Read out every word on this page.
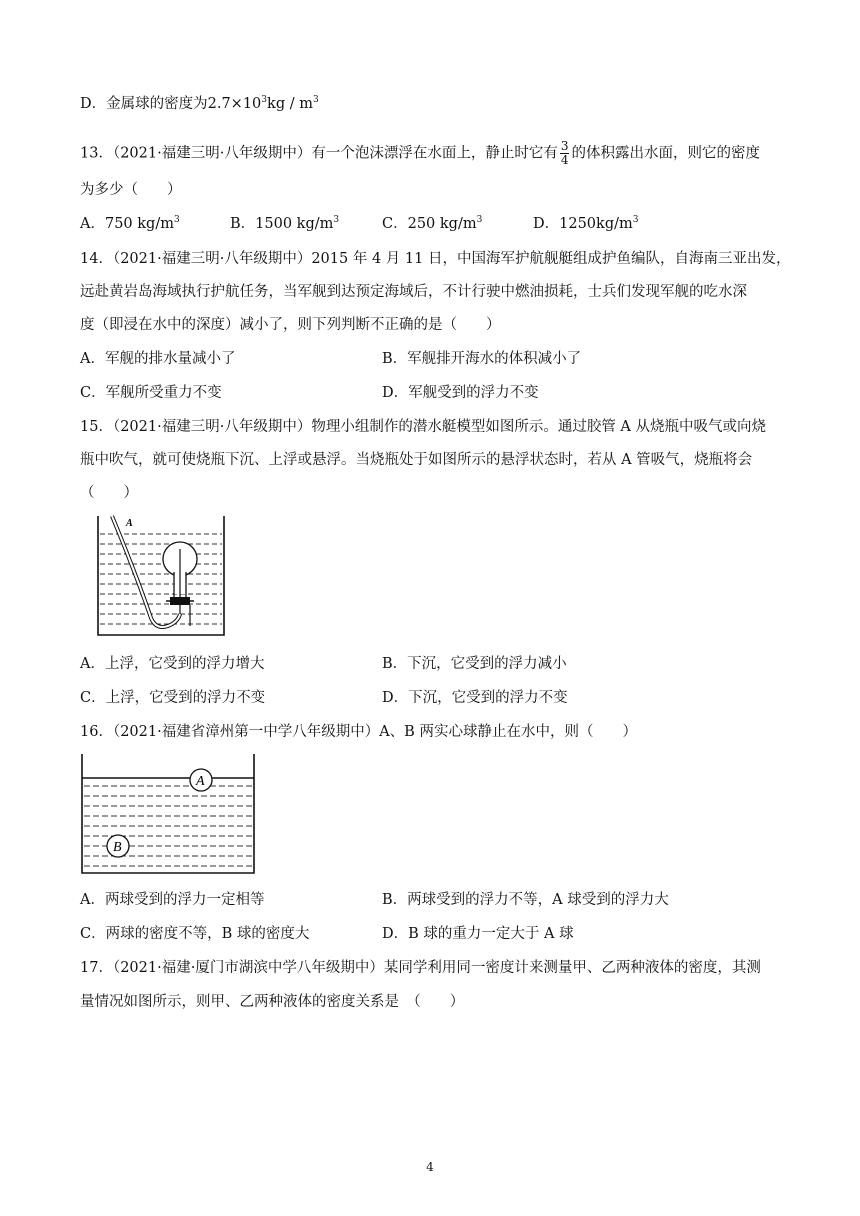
D．金属球的密度为$2.7\times 10^3kg / m^3$
13．（2021·福建三明·八年级期中）有一个泡沫漂浮在水面上，静止时它有 $\frac{3}{4}$ 的体积露出水面，则它的密度
为多少（　　）
A．750 $kg/m^3$	B．1500 $kg/m^3$	C．250 $kg/m^3$	D．$1250kg/m^3$
14．（2021·福建三明·八年级期中）2015 年 4 月 11 日，中国海军护航舰艇组成护鱼编队，自海南三亚出发，
远赴黄岩岛海域执行护航任务，当军舰到达预定海域后，不计行驶中燃油损耗，士兵们发现军舰的吃水深
度（即浸在水中的深度）减小了，则下列判断不正确的是（　　）
A．军舰的排水量减小了	B．军舰排开海水的体积减小了
C．军舰所受重力不变	D．军舰受到的浮力不变
15．（2021·福建三明·八年级期中）物理小组制作的潜水艇模型如图所示。通过胶管 A 从烧瓶中吸气或向烧
瓶中吹气，就可使烧瓶下沉、上浮或悬浮。当烧瓶处于如图所示的悬浮状态时，若从 A 管吸气，烧瓶将会
（　　）
A
A．上浮，它受到的浮力增大	B．下沉，它受到的浮力减小
C．上浮，它受到的浮力不变	D．下沉，它受到的浮力不变
16．（2021·福建省漳州第一中学八年级期中）A、B 两实心球静止在水中，则（　　）
A
B
A．两球受到的浮力一定相等	B．两球受到的浮力不等，A 球受到的浮力大
C．两球的密度不等，B 球的密度大	D．B 球的重力一定大于 A 球
17．（2021·福建·厦门市湖滨中学八年级期中）某同学利用同一密度计来测量甲、乙两种液体的密度，其测
量情况如图所示，则甲、乙两种液体的密度关系是　（　　）
4
